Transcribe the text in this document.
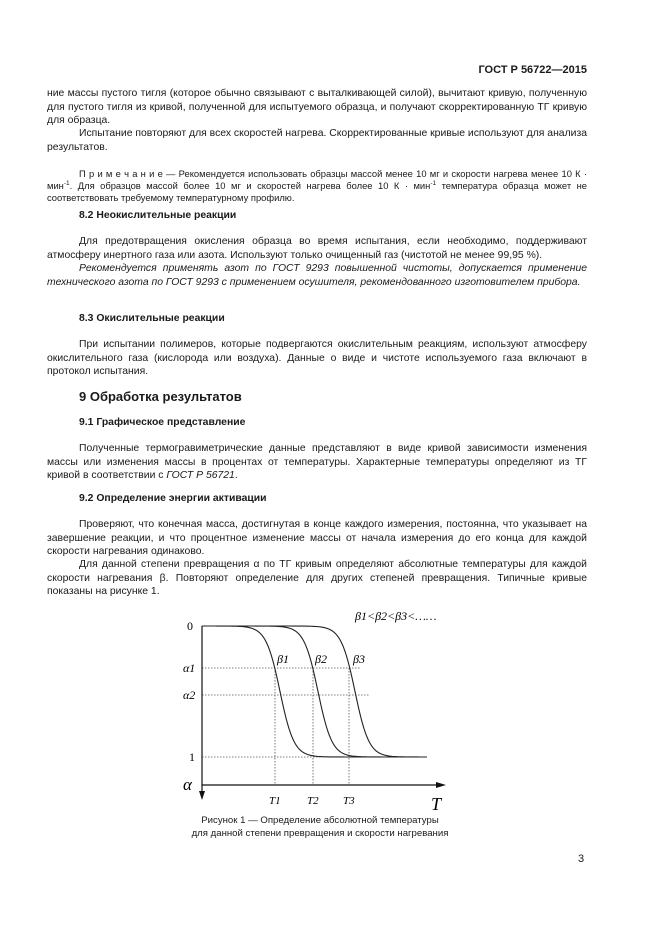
ГОСТ Р 56722—2015
ние массы пустого тигля (которое обычно связывают с выталкивающей силой), вычитают кривую, полученную для пустого тигля из кривой, полученной для испытуемого образца, и получают скорректированную ТГ кривую для образца.
Испытание повторяют для всех скоростей нагрева. Скорректированные кривые используют для анализа результатов.
П р и м е ч а н и е — Рекомендуется использовать образцы массой менее 10 мг и скорости нагрева менее 10 К · мин$^{-1}$. Для образцов массой более 10 мг и скоростей нагрева более 10 К · мин$^{-1}$ температура образца может не соответствовать требуемому температурному профилю.
8.2 Неокислительные реакции
Для предотвращения окисления образца во время испытания, если необходимо, поддерживают атмосферу инертного газа или азота. Используют только очищенный газ (чистотой не менее 99,95 %).
Рекомендуется применять азот по ГОСТ 9293 повышенной чистоты, допускается применение технического азота по ГОСТ 9293 с применением осушителя, рекомендованного изготовителем прибора.
8.3 Окислительные реакции
При испытании полимеров, которые подвергаются окислительным реакциям, используют атмосферу окислительного газа (кислорода или воздуха). Данные о виде и чистоте используемого газа включают в протокол испытания.
9 Обработка результатов
9.1 Графическое представление
Полученные термогравиметрические данные представляют в виде кривой зависимости изменения массы или изменения массы в процентах от температуры. Характерные температуры определяют из ТГ кривой в соответствии с ГОСТ Р 56721.
9.2 Определение энергии активации
Проверяют, что конечная масса, достигнутая в конце каждого измерения, постоянна, что указывает на завершение реакции, и что процентное изменение массы от начала измерения до его конца для каждой скорости нагревания одинаково.
Для данной степени превращения α по ТГ кривым определяют абсолютные температуры для каждой скорости нагревания β. Повторяют определение для других степеней превращения. Типичные кривые показаны на рисунке 1.
β1<β2<β3<……
0
α1
α2
1
α
T1 T2 T3	T
β1 β2 β3
Рисунок 1 — Определение абсолютной температуры
для данной степени превращения и скорости нагревания
3
